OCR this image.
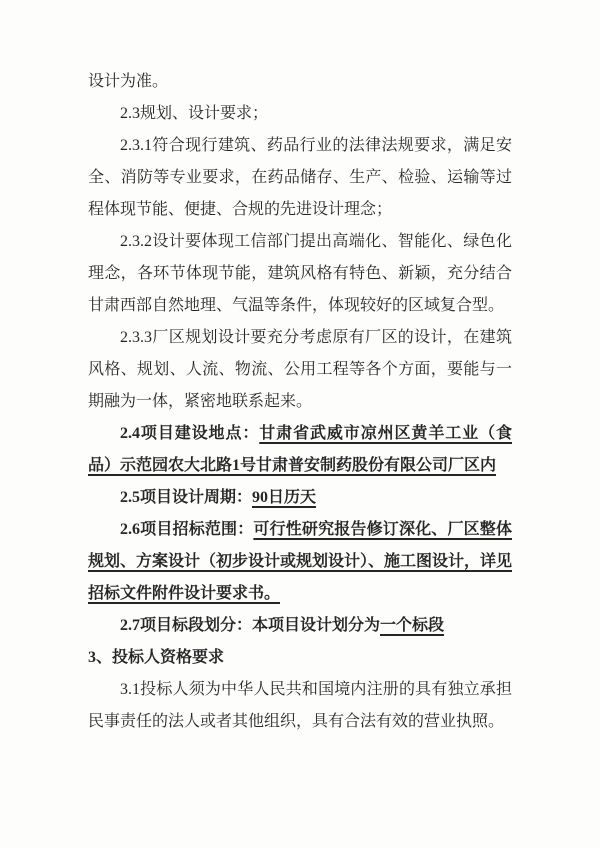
设计为准。

2.3规划、设计要求；

2.3.1符合现行建筑、药品行业的法律法规要求，满足安全、消防等专业要求，在药品储存、生产、检验、运输等过程体现节能、便捷、合规的先进设计理念；

2.3.2设计要体现工信部门提出高端化、智能化、绿色化理念，各环节体现节能，建筑风格有特色、新颖，充分结合甘肃西部自然地理、气温等条件，体现较好的区域复合型。

2.3.3厂区规划设计要充分考虑原有厂区的设计，在建筑风格、规划、人流、物流、公用工程等各个方面，要能与一期融为一体，紧密地联系起来。

2.4项目建设地点：甘肃省武威市凉州区黄羊工业（食品）示范园农大北路1号甘肃普安制药股份有限公司厂区内

2.5项目设计周期：90日历天

2.6项目招标范围：可行性研究报告修订深化、厂区整体规划、方案设计（初步设计或规划设计）、施工图设计，详见招标文件附件设计要求书。

2.7项目标段划分：本项目设计划分为一个标段

3、投标人资格要求

3.1投标人须为中华人民共和国境内注册的具有独立承担民事责任的法人或者其他组织，具有合法有效的营业执照。
